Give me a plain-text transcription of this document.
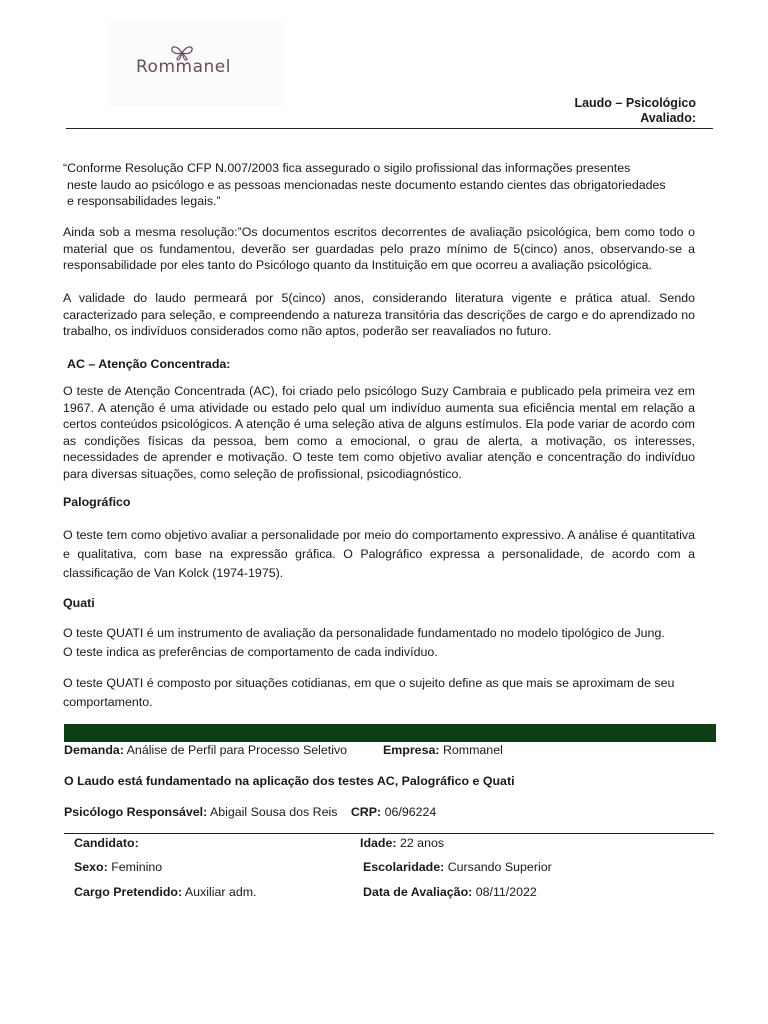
Rommanel
Laudo – Psicológico
Avaliado:
“Conforme Resolução CFP N.007/2003 fica assegurado o sigilo profissional das informações presentes
neste laudo ao psicólogo e as pessoas mencionadas neste documento estando cientes das obrigatoriedades
e responsabilidades legais.”
Ainda sob a mesma resolução:”Os documentos escritos decorrentes de avaliação psicológica, bem como todo o material que os fundamentou, deverão ser guardadas pelo prazo mínimo de 5(cinco) anos, observando-se a responsabilidade por eles tanto do Psicólogo quanto da Instituição em que ocorreu a avaliação psicológica.
A validade do laudo permeará por 5(cinco) anos, considerando literatura vigente e prática atual. Sendo caracterizado para seleção, e compreendendo a natureza transitória das descrições de cargo e do aprendizado no trabalho, os indivíduos considerados como não aptos, poderão ser reavaliados no futuro.
AC – Atenção Concentrada:
O teste de Atenção Concentrada (AC), foi criado pelo psicólogo Suzy Cambraia e publicado pela primeira vez em 1967. A atenção é uma atividade ou estado pelo qual um indivíduo aumenta sua eficiência mental em relação a certos conteúdos psicológicos. A atenção é uma seleção ativa de alguns estímulos. Ela pode variar de acordo com as condições físicas da pessoa, bem como a emocional, o grau de alerta, a motivação, os interesses, necessidades de aprender e motivação. O teste tem como objetivo avaliar atenção e concentração do indivíduo para diversas situações, como seleção de profissional, psicodiagnóstico.
Palográfico
O teste tem como objetivo avaliar a personalidade por meio do comportamento expressivo. A análise é quantitativa e qualitativa, com base na expressão gráfica. O Palográfico expressa a personalidade, de acordo com a classificação de Van Kolck (1974-1975).
Quati
O teste QUATI é um instrumento de avaliação da personalidade fundamentado no modelo tipológico de Jung.
O teste indica as preferências de comportamento de cada indivíduo.
O teste QUATI é composto por situações cotidianas, em que o sujeito define as que mais se aproximam de seu comportamento.
Demanda: Análise de Perfil para Processo Seletivo	Empresa: Rommanel
O Laudo está fundamentado na aplicação dos testes AC, Palográfico e Quati
Psicólogo Responsável: Abigail Sousa dos Reis CRP: 06/96224
Candidato:	Idade: 22 anos
Sexo: Feminino	Escolaridade: Cursando Superior
Cargo Pretendido: Auxiliar adm.	Data de Avaliação: 08/11/2022
